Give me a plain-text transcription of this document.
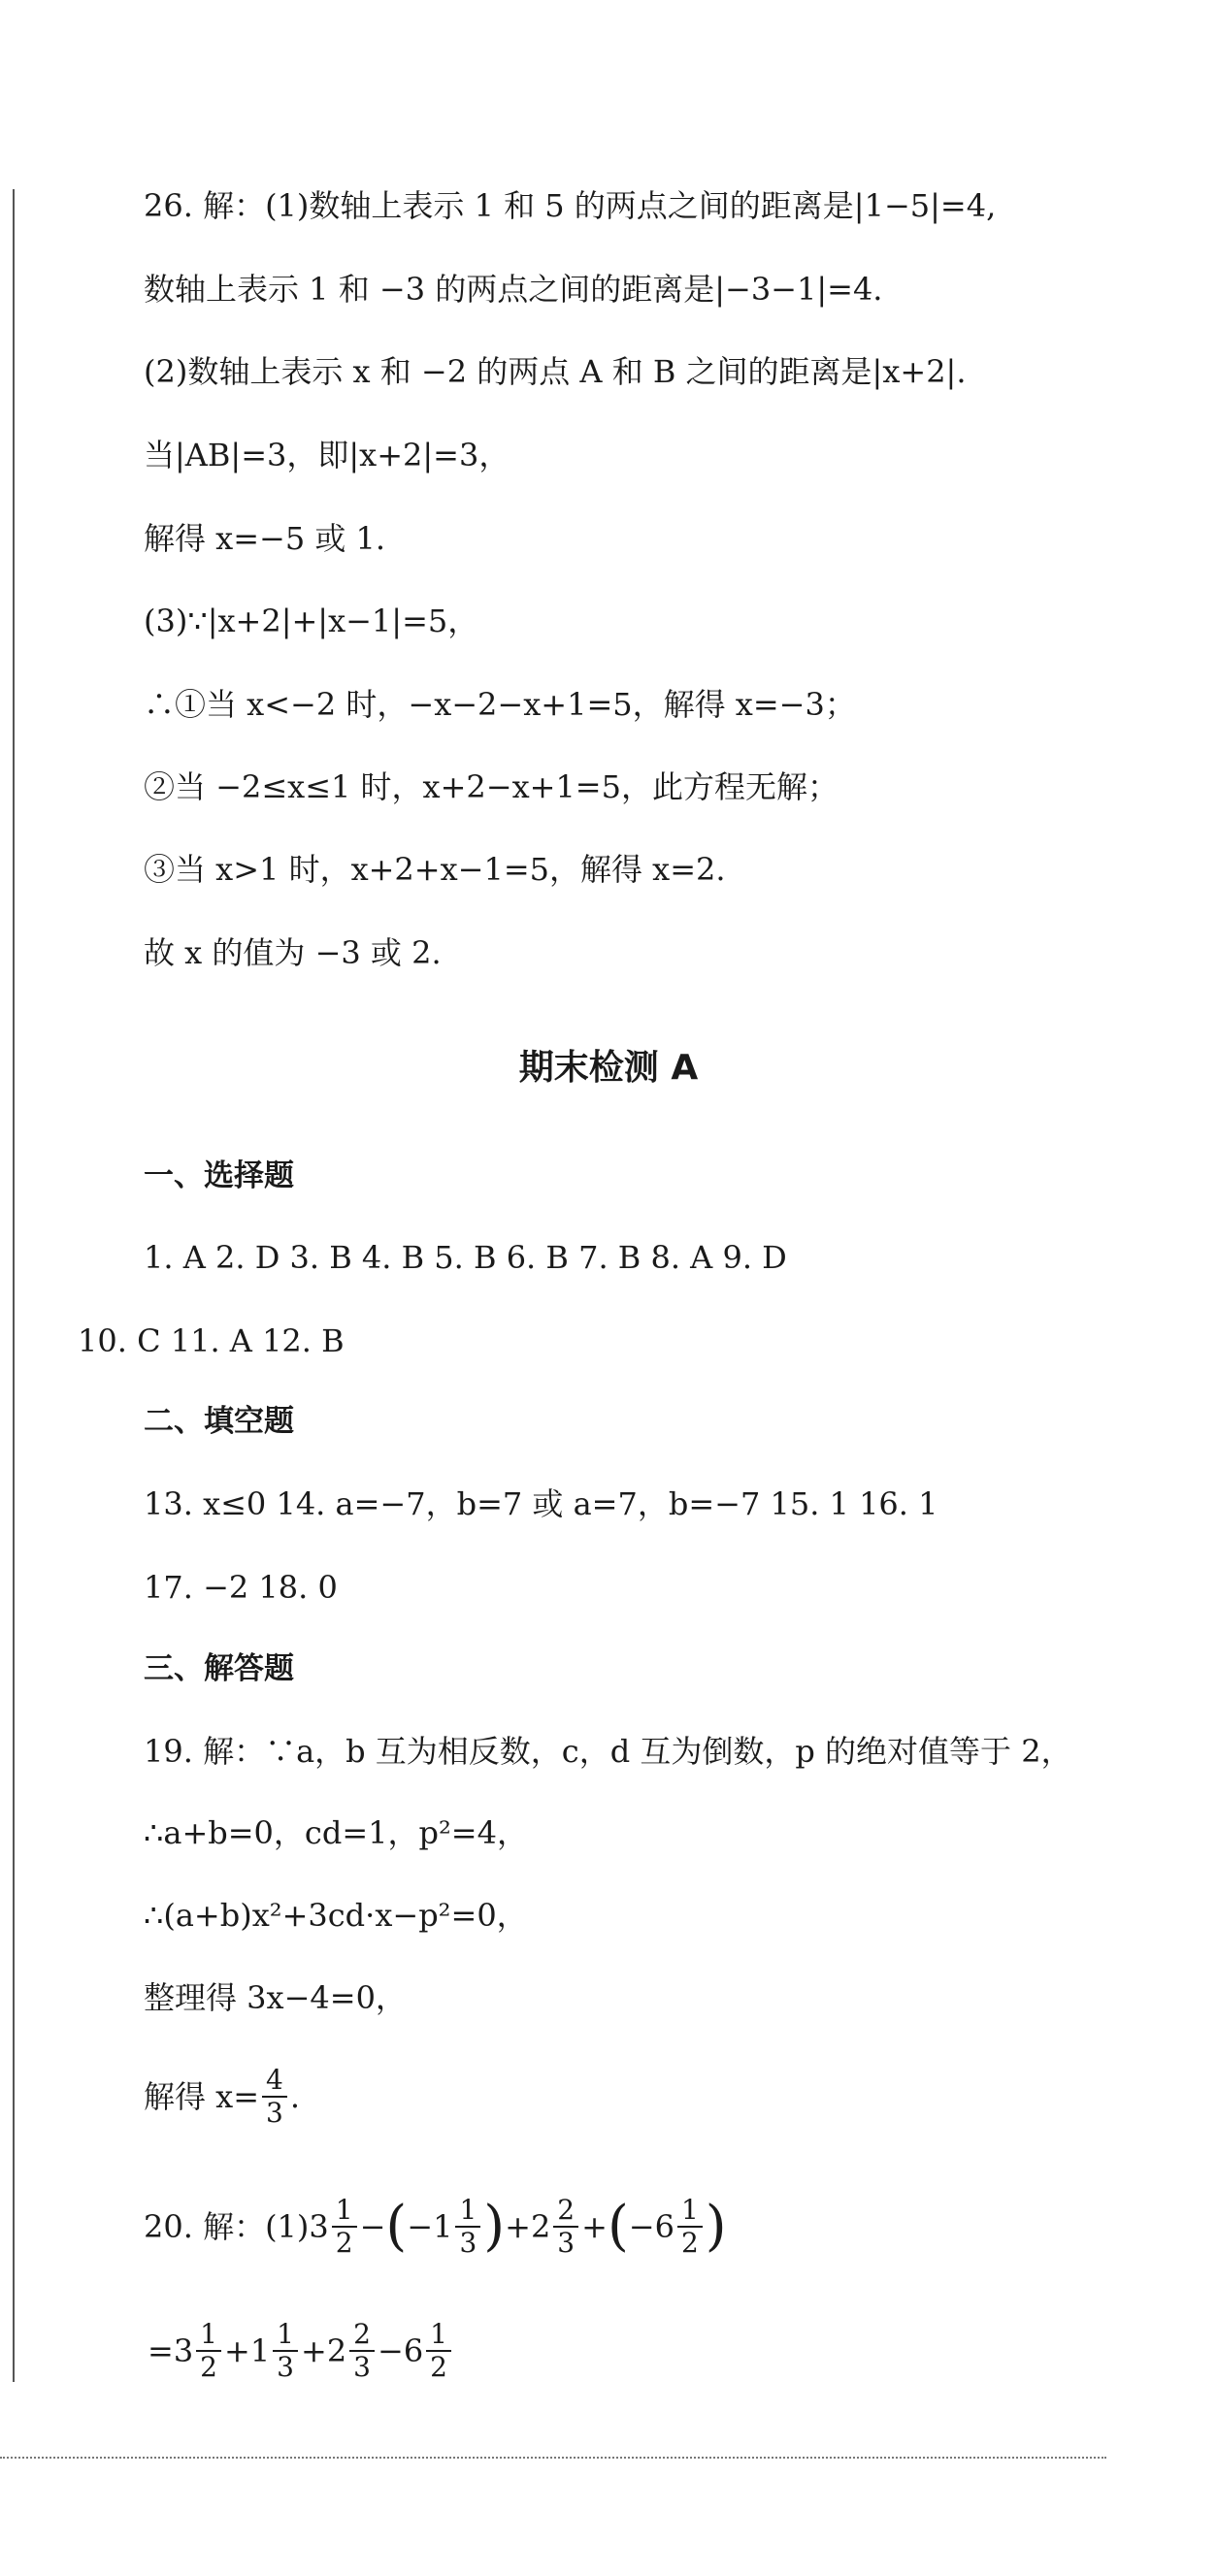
26. 解：(1)数轴上表示 1 和 5 的两点之间的距离是|1−5|=4,
数轴上表示 1 和 −3 的两点之间的距离是|−3−1|=4.
(2)数轴上表示 x 和 −2 的两点 A 和 B 之间的距离是|x+2|.
当|AB|=3，即|x+2|=3，
解得 x=−5 或 1.
(3)∵|x+2|+|x−1|=5，
∴①当 x<−2 时，−x−2−x+1=5，解得 x=−3；
②当 −2≤x≤1 时，x+2−x+1=5，此方程无解；
③当 x>1 时，x+2+x−1=5，解得 x=2.
故 x 的值为 −3 或 2.
期末检测 A
一、选择题
1. A 2. D 3. B 4. B 5. B 6. B 7. B 8. A 9. D
10. C 11. A 12. B
二、填空题
13. x≤0 14. a=−7，b=7 或 a=7，b=−7 15. 1 16. 1
17. −2 18. 0
三、解答题
19. 解：∵a，b 互为相反数，c，d 互为倒数，p 的绝对值等于 2，
∴a+b=0，cd=1，p²=4，
∴(a+b)x²+3cd·x−p²=0，
整理得 3x−4=0，
解得 $x= \frac{4}{3}$ .
20. 解：$(1)3 \frac{1}{2} -(-1 \frac{1}{3} )+2 \frac{2}{3} +(-6 \frac{1}{2}$ )
$=3 \frac{1}{2} +1 \frac{1}{3} +2 \frac{2}{3} -6 \frac{1}{2}$
